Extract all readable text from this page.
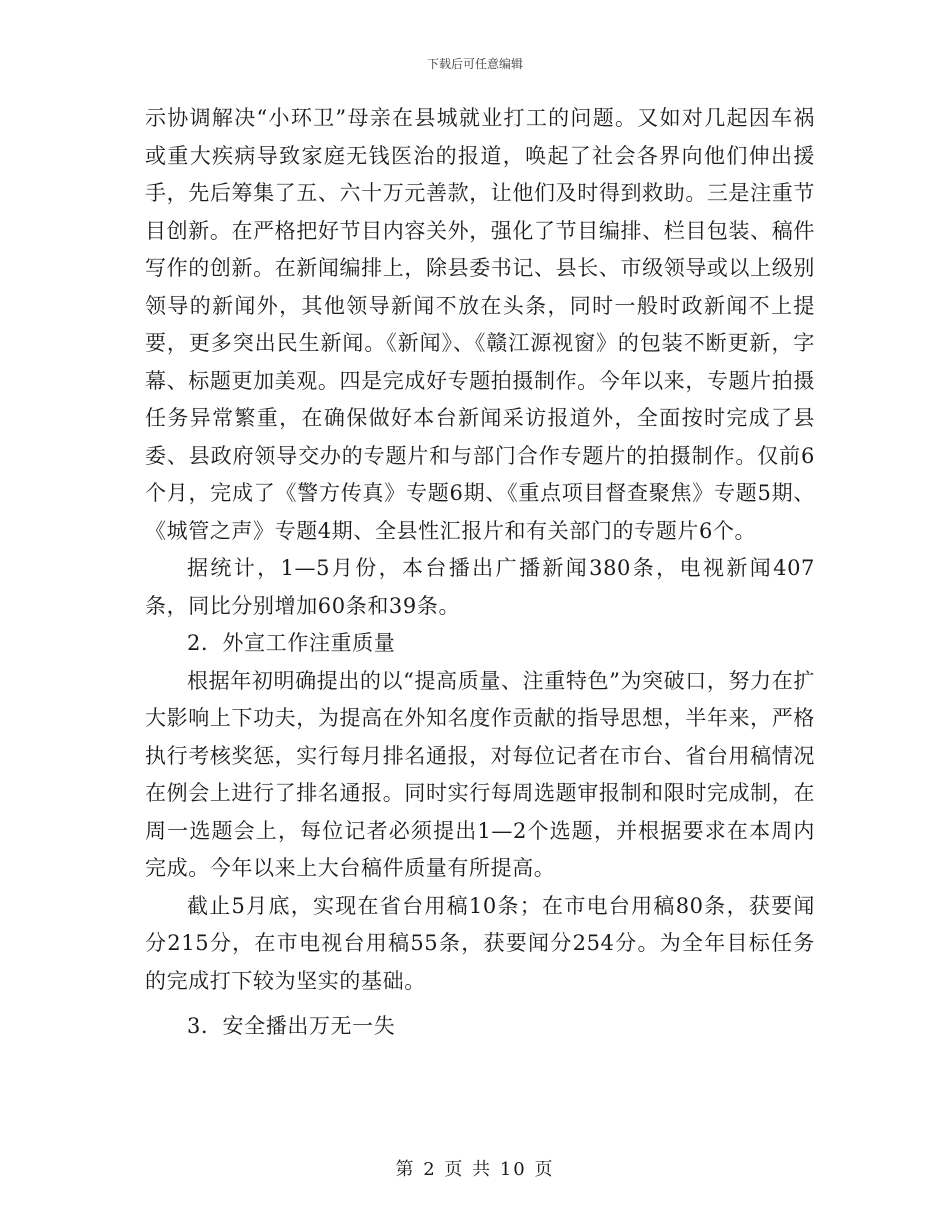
下载后可任意编辑

示协调解决“小环卫”母亲在县城就业打工的问题。又如对几起因车祸或重大疾病导致家庭无钱医治的报道，唤起了社会各界向他们伸出援手，先后筹集了五、六十万元善款，让他们及时得到救助。三是注重节目创新。在严格把好节目内容关外，强化了节目编排、栏目包装、稿件写作的创新。在新闻编排上，除县委书记、县长、市级领导或以上级别领导的新闻外，其他领导新闻不放在头条，同时一般时政新闻不上提要，更多突出民生新闻。《新闻》、《赣江源视窗》的包装不断更新，字幕、标题更加美观。四是完成好专题拍摄制作。今年以来，专题片拍摄任务异常繁重，在确保做好本台新闻采访报道外，全面按时完成了县委、县政府领导交办的专题片和与部门合作专题片的拍摄制作。仅前6个月，完成了《警方传真》专题6期、《重点项目督查聚焦》专题5期、《城管之声》专题4期、全县性汇报片和有关部门的专题片6个。

据统计，1—5月份，本台播出广播新闻380条，电视新闻407条，同比分别增加60条和39条。

2．外宣工作注重质量

根据年初明确提出的以“提高质量、注重特色”为突破口，努力在扩大影响上下功夫，为提高在外知名度作贡献的指导思想，半年来，严格执行考核奖惩，实行每月排名通报，对每位记者在市台、省台用稿情况在例会上进行了排名通报。同时实行每周选题审报制和限时完成制，在周一选题会上，每位记者必须提出1—2个选题，并根据要求在本周内完成。今年以来上大台稿件质量有所提高。

截止5月底，实现在省台用稿10条；在市电台用稿80条，获要闻分215分，在市电视台用稿55条，获要闻分254分。为全年目标任务的完成打下较为坚实的基础。

3．安全播出万无一失

第 2 页 共 10 页
